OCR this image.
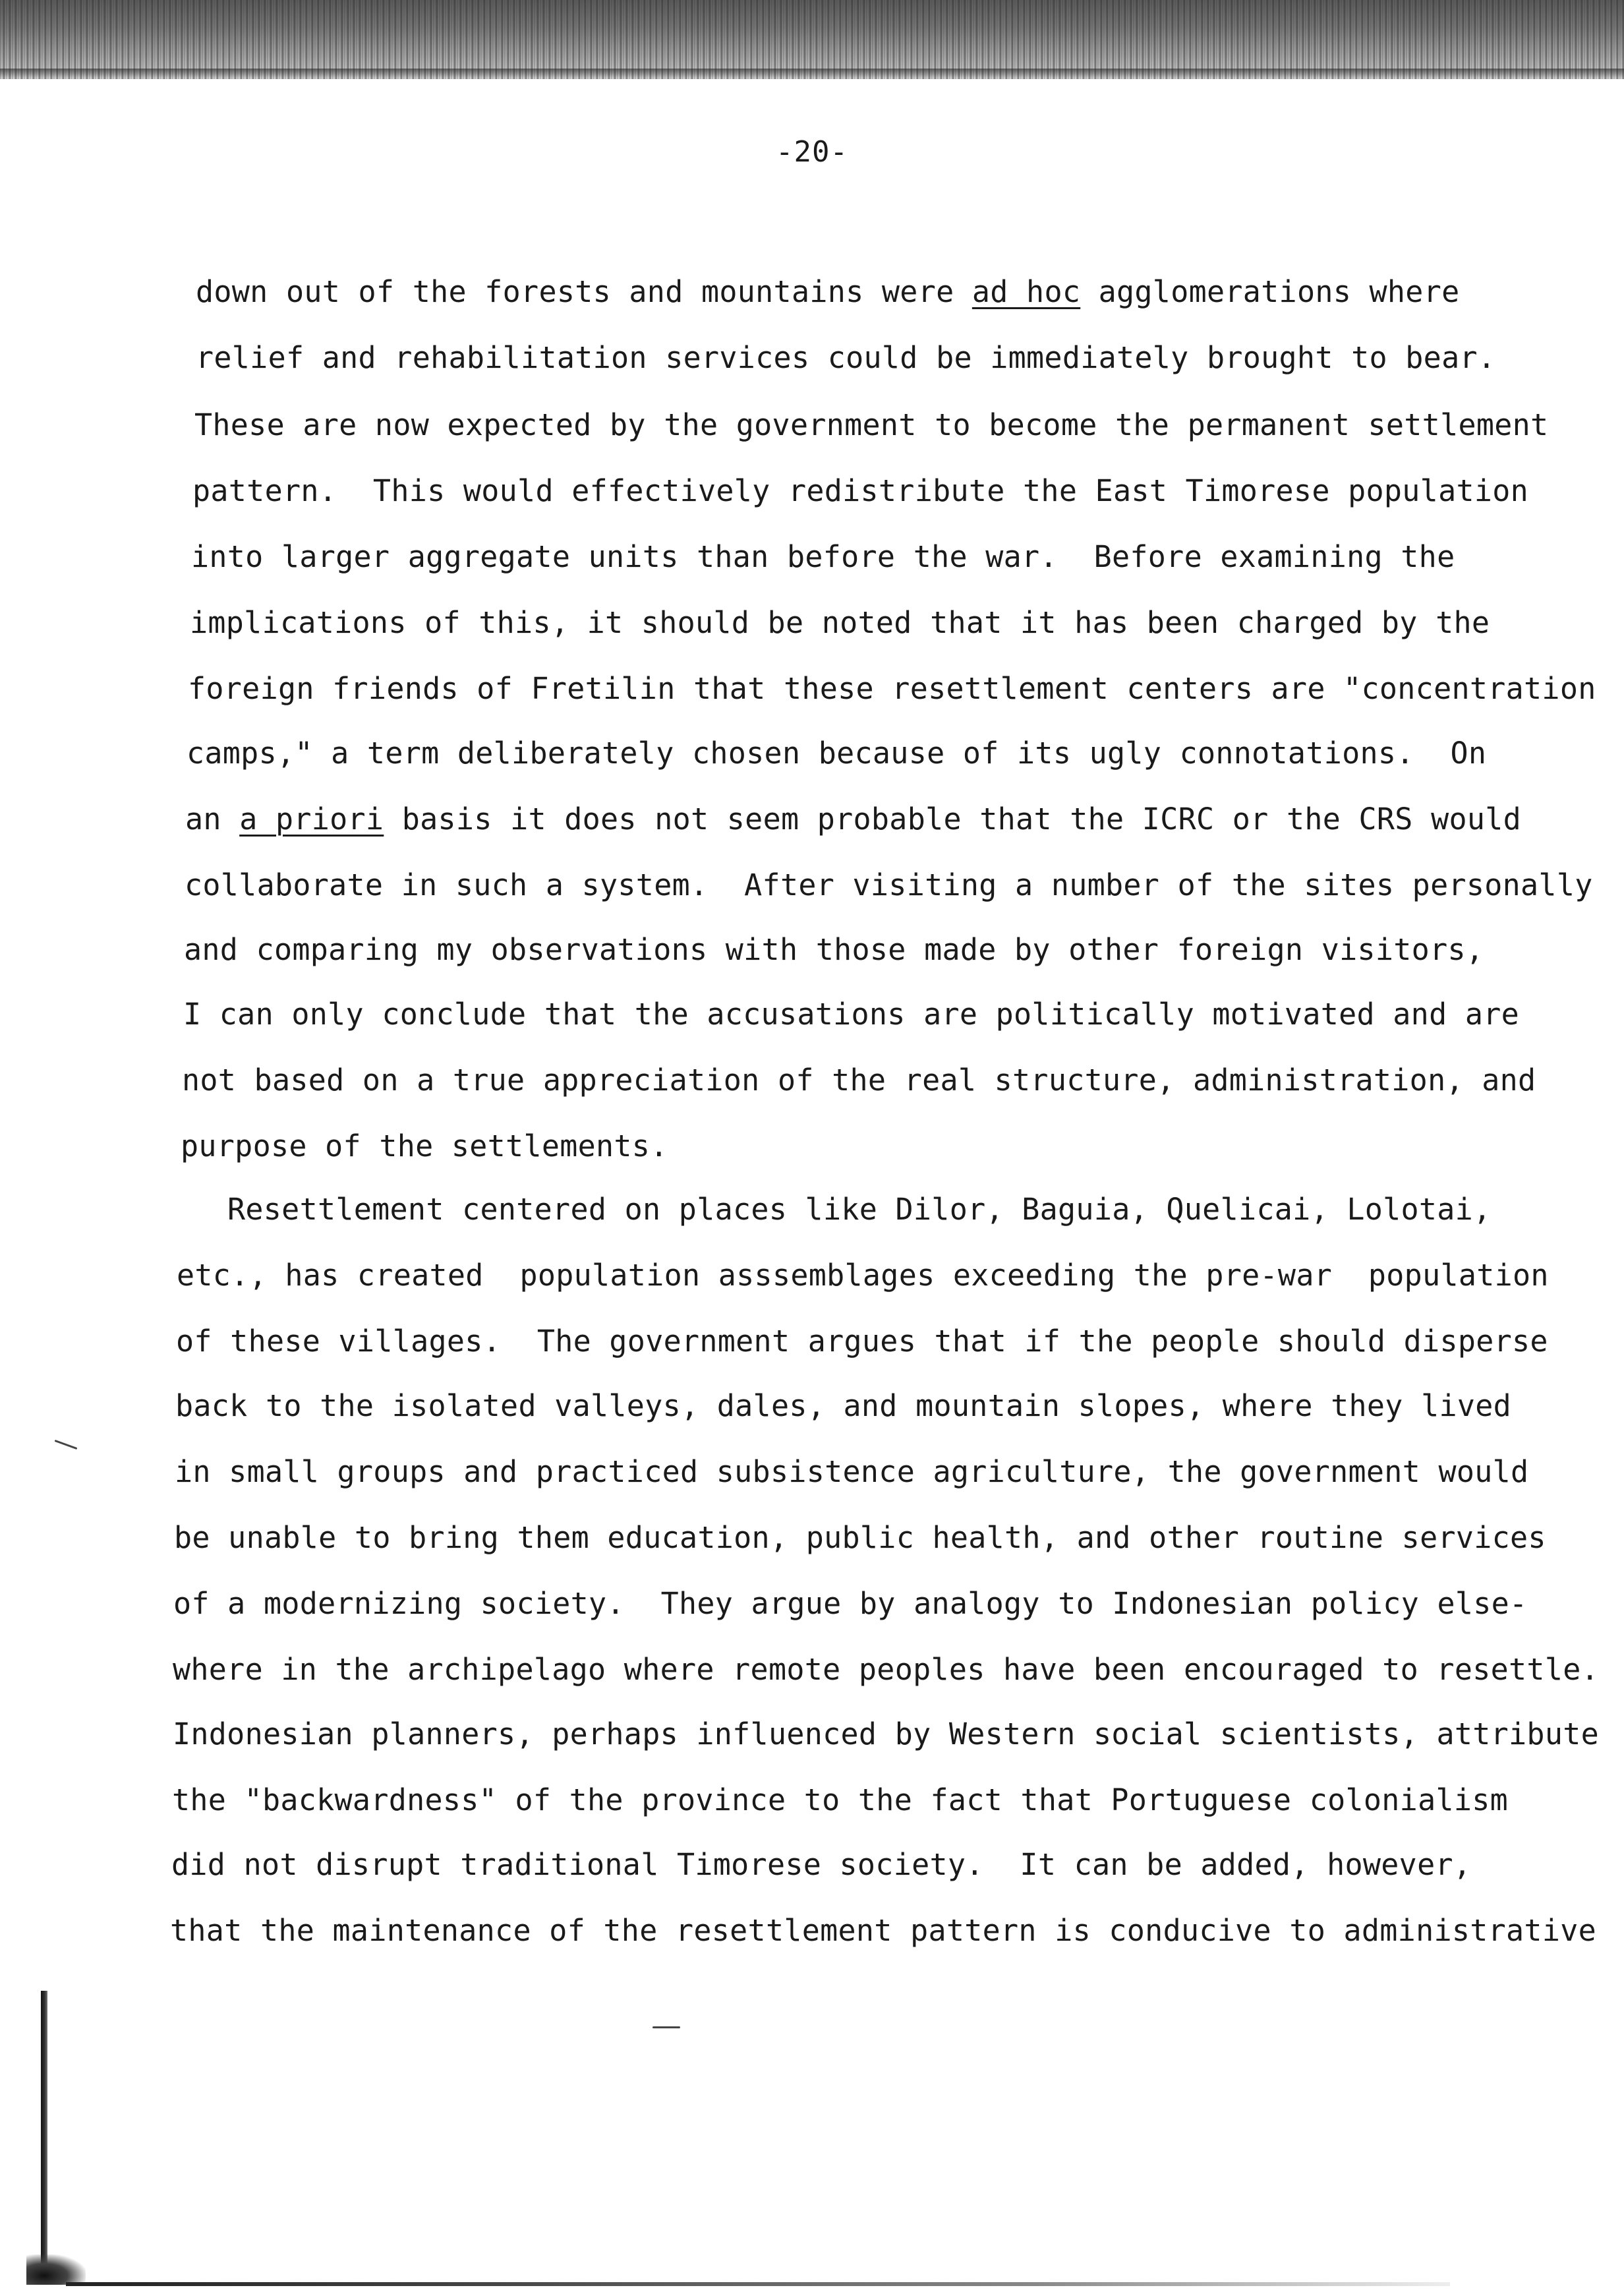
-20-
down out of the forests and mountains were ad hoc agglomerations where
relief and rehabilitation services could be immediately brought to bear.
These are now expected by the government to become the permanent settlement
pattern.  This would effectively redistribute the East Timorese population
into larger aggregate units than before the war.  Before examining the
implications of this, it should be noted that it has been charged by the
foreign friends of Fretilin that these resettlement centers are "concentration
camps," a term deliberately chosen because of its ugly connotations.  On
an a priori basis it does not seem probable that the ICRC or the CRS would
collaborate in such a system.  After visiting a number of the sites personally
and comparing my observations with those made by other foreign visitors,
I can only conclude that the accusations are politically motivated and are
not based on a true appreciation of the real structure, administration, and
purpose of the settlements.
Resettlement centered on places like Dilor, Baguia, Quelicai, Lolotai,
etc., has created  population asssemblages exceeding the pre-war  population
of these villages.  The government argues that if the people should disperse
back to the isolated valleys, dales, and mountain slopes, where they lived
in small groups and practiced subsistence agriculture, the government would
be unable to bring them education, public health, and other routine services
of a modernizing society.  They argue by analogy to Indonesian policy else-
where in the archipelago where remote peoples have been encouraged to resettle.
Indonesian planners, perhaps influenced by Western social scientists, attribute
the "backwardness" of the province to the fact that Portuguese colonialism
did not disrupt traditional Timorese society.  It can be added, however,
that the maintenance of the resettlement pattern is conducive to administrative
